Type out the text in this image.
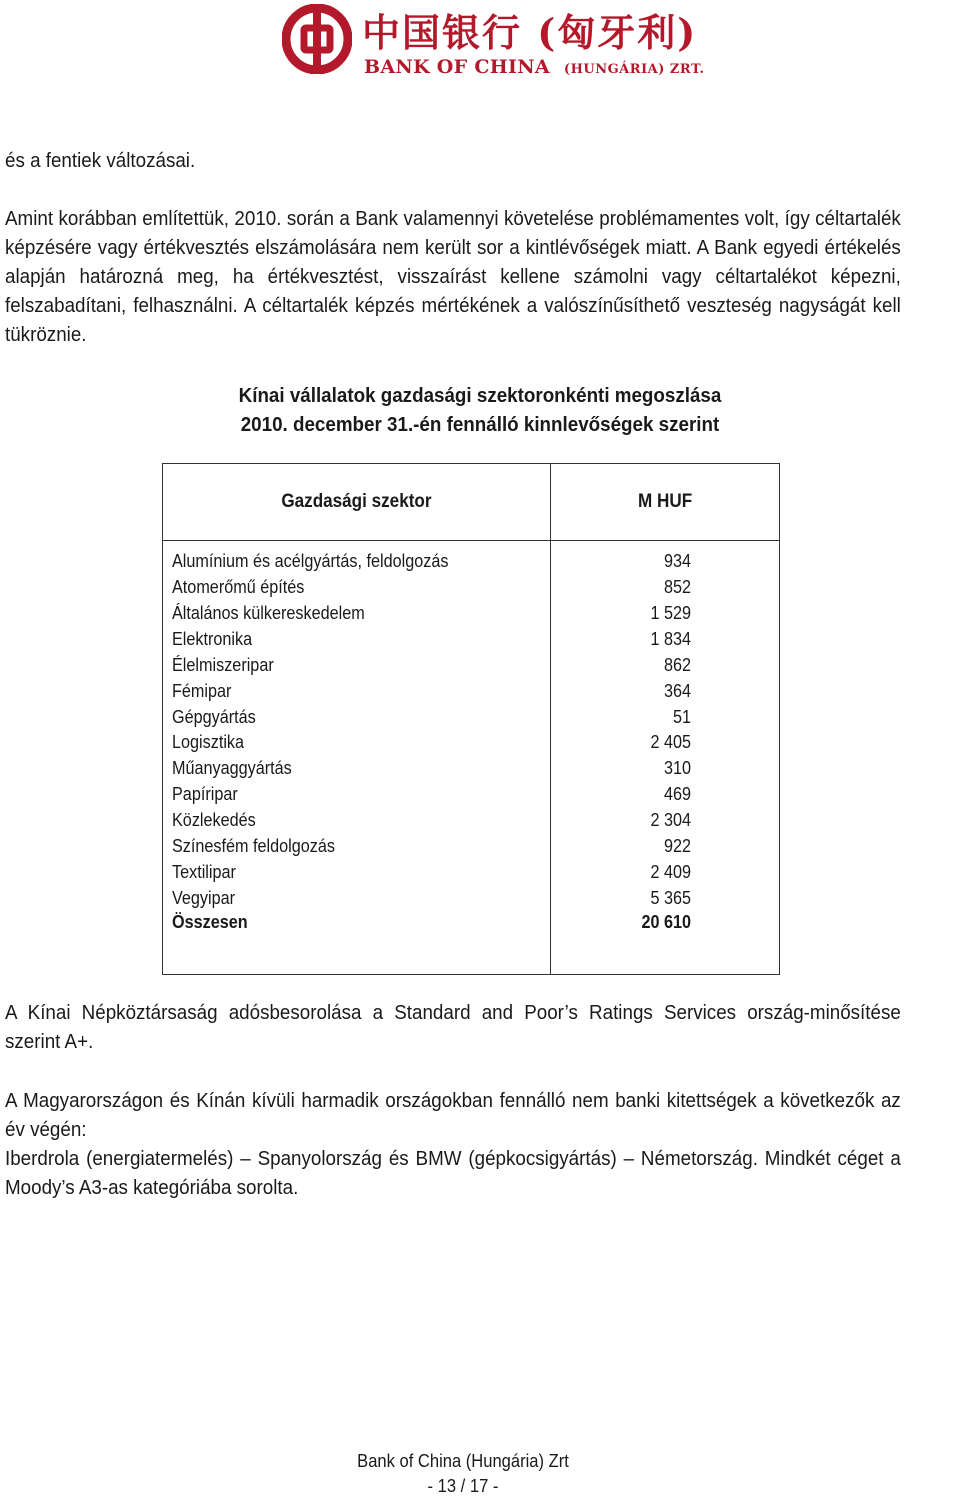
中国银行 (匈牙利)
BANK OF CHINA (HUNGÁRIA) ZRT.

és a fentiek változásai.

Amint korábban említettük, 2010. során a Bank valamennyi követelése problémamentes volt, így céltartalék képzésére vagy értékvesztés elszámolására nem került sor a kintlévőségek miatt. A Bank egyedi értékelés alapján határozná meg, ha értékvesztést, visszaírást kellene számolni vagy céltartalékot képezni, felszabadítani, felhasználni. A céltartalék képzés mértékének a valószínűsíthető veszteség nagyságát kell tükröznie.

Kínai vállalatok gazdasági szektoronkénti megoszlása

2010. december 31.-én fennálló kinnlevőségek szerint

Gazdasági szektor	M HUF

Alumínium és acélgyártás, feldolgozás	934
Atomerőmű építés	852
Általános külkereskedelem	1 529
Elektronika	1 834
Élelmiszeripar	862
Fémipar	364
Gépgyártás	51
Logisztika	2 405
Műanyaggyártás	310
Papíripar	469
Közlekedés	2 304
Színesfém feldolgozás	922
Textilipar	2 409
Vegyipar	5 365
Összesen	20 610

A Kínai Népköztársaság adósbesorolása a Standard and Poor’s Ratings Services ország-minősítése szerint A+.

A Magyarországon és Kínán kívüli harmadik országokban fennálló nem banki kitettségek a következők az év végén:

Iberdrola (energiatermelés) – Spanyolország és BMW (gépkocsigyártás) – Németország. Mindkét céget a Moody’s A3-as kategóriába sorolta.

Bank of China (Hungária) Zrt
- 13 / 17 -
